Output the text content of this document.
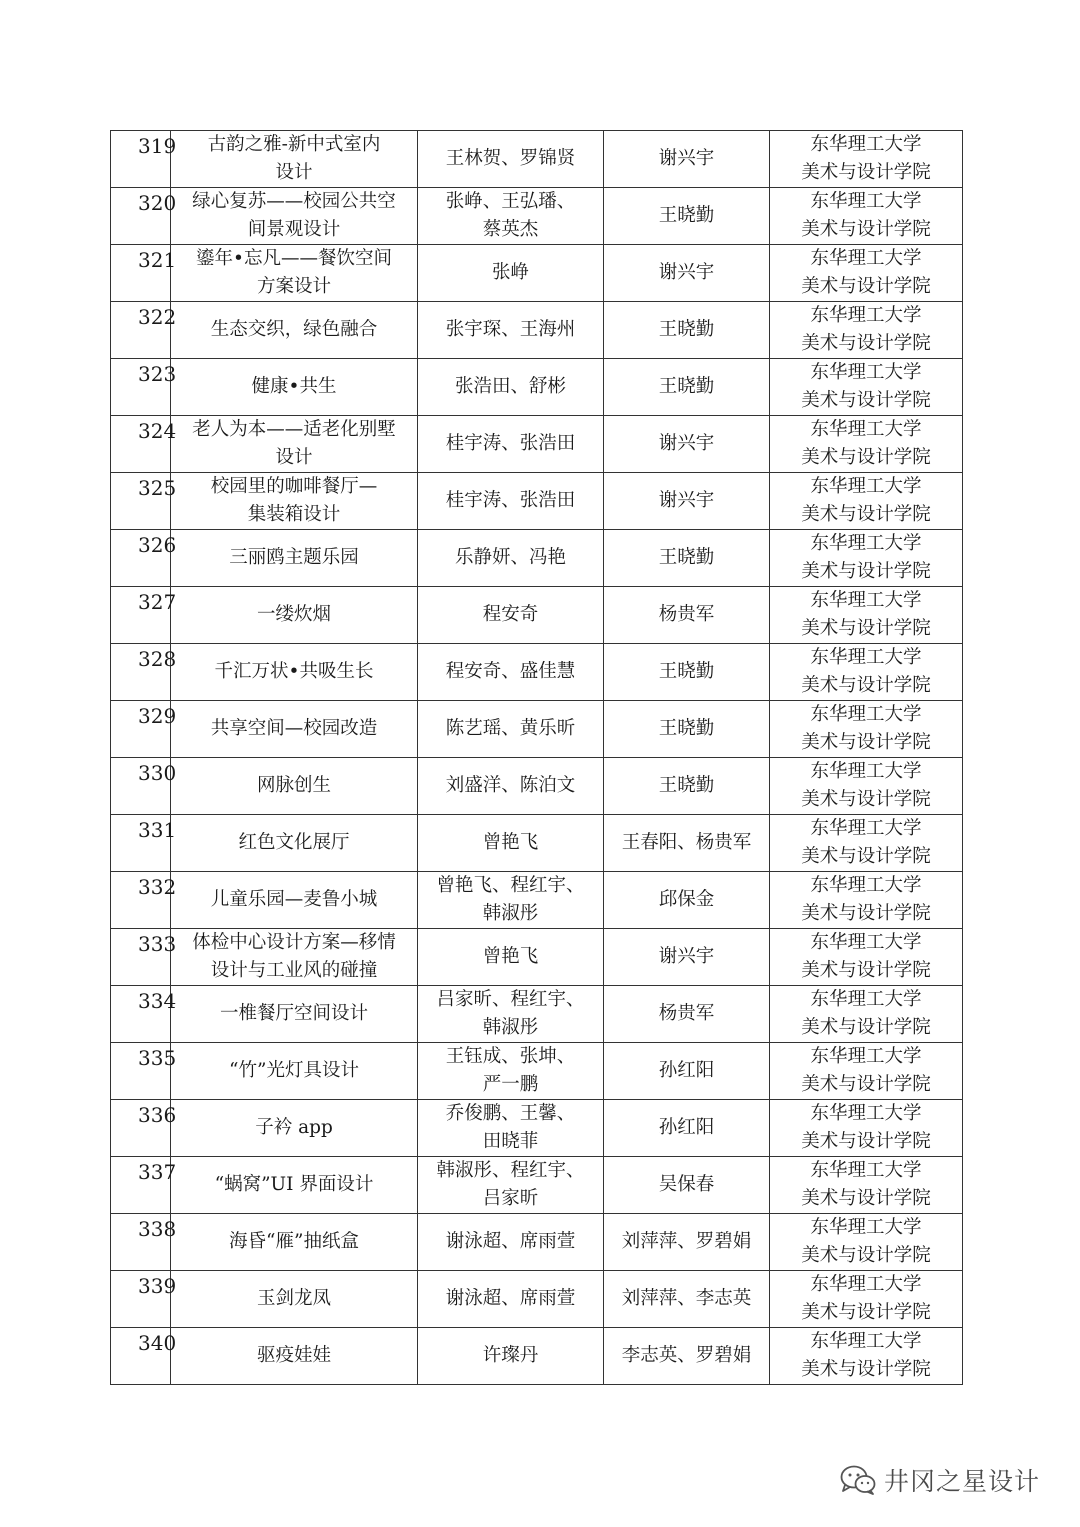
319	古韵之雅-新中式室内
设计	王林贺、罗锦贤	谢兴宇	东华理工大学
美术与设计学院
320	绿心复苏——校园公共空
间景观设计	张峥、王弘璠、
蔡英杰	王晓勤	东华理工大学
美术与设计学院
321	鎏年•忘凡——餐饮空间
方案设计	张峥	谢兴宇	东华理工大学
美术与设计学院
322	生态交织，绿色融合	张宇琛、王海州	王晓勤	东华理工大学
美术与设计学院
323	健康•共生	张浩田、舒彬	王晓勤	东华理工大学
美术与设计学院
324	老人为本——适老化别墅
设计	桂宇涛、张浩田	谢兴宇	东华理工大学
美术与设计学院
325	校园里的咖啡餐厅—
集装箱设计	桂宇涛、张浩田	谢兴宇	东华理工大学
美术与设计学院
326	三丽鸥主题乐园	乐静妍、冯艳	王晓勤	东华理工大学
美术与设计学院
327	一缕炊烟	程安奇	杨贵军	东华理工大学
美术与设计学院
328	千汇万状•共吸生长	程安奇、盛佳慧	王晓勤	东华理工大学
美术与设计学院
329	共享空间—校园改造	陈艺瑶、黄乐昕	王晓勤	东华理工大学
美术与设计学院
330	网脉创生	刘盛洋、陈泊文	王晓勤	东华理工大学
美术与设计学院
331	红色文化展厅	曾艳飞	王春阳、杨贵军	东华理工大学
美术与设计学院
332	儿童乐园—麦鲁小城	曾艳飞、程红宇、
韩淑彤	邱保金	东华理工大学
美术与设计学院
333	体检中心设计方案—移情
设计与工业风的碰撞	曾艳飞	谢兴宇	东华理工大学
美术与设计学院
334	一椎餐厅空间设计	吕家昕、程红宇、
韩淑彤	杨贵军	东华理工大学
美术与设计学院
335	“竹”光灯具设计	王钰成、张坤、
严一鹏	孙红阳	东华理工大学
美术与设计学院
336	子衿 app	乔俊鹏、王馨、
田晓菲	孙红阳	东华理工大学
美术与设计学院
337	“蜗窝”UI 界面设计	韩淑彤、程红宇、
吕家昕	吴保春	东华理工大学
美术与设计学院
338	海昏“雁”抽纸盒	谢泳超、席雨萱	刘萍萍、罗碧娟	东华理工大学
美术与设计学院
339	玉剑龙凤	谢泳超、席雨萱	刘萍萍、李志英	东华理工大学
美术与设计学院
340	驱疫娃娃	许璨丹	李志英、罗碧娟	东华理工大学
美术与设计学院
井冈之星设计
